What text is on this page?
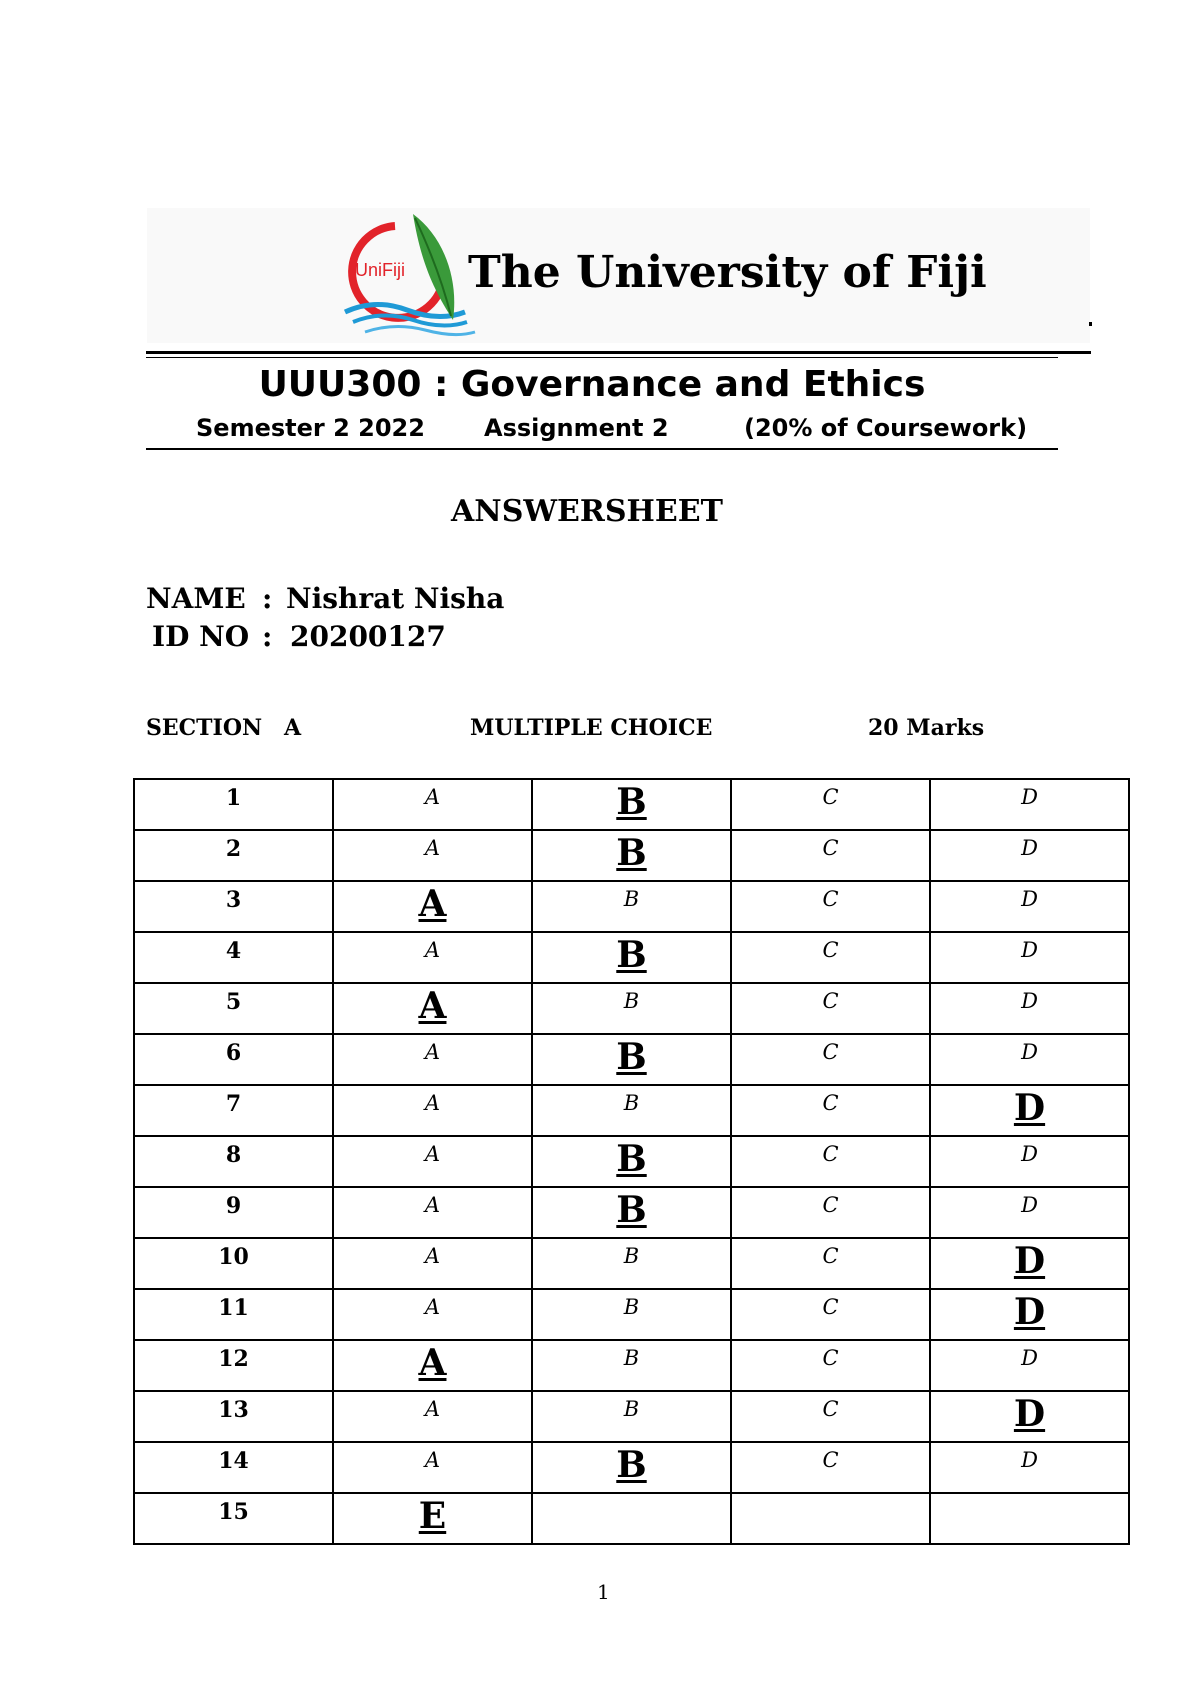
UniFiji The University of Fiji
UUU300 : Governance and Ethics
Semester 2 2022 Assignment 2	(20% of Coursework)
ANSWERSHEET
NAME : Nishrat Nisha
ID NO : 20200127
SECTION A	MULTIPLE CHOICE	20 Marks
1	A	B	C	D
2	A	B	C	D
3	A	B	C	D
4	A	B	C	D
5	A	B	C	D
6	A	B	C	D
7	A	B	C	D
8	A	B	C	D
9	A	B	C	D
10	A	B	C	D
11	A	B	C	D
12	A	B	C	D
13	A	B	C	D
14	A	B	C	D
15	E			
1
